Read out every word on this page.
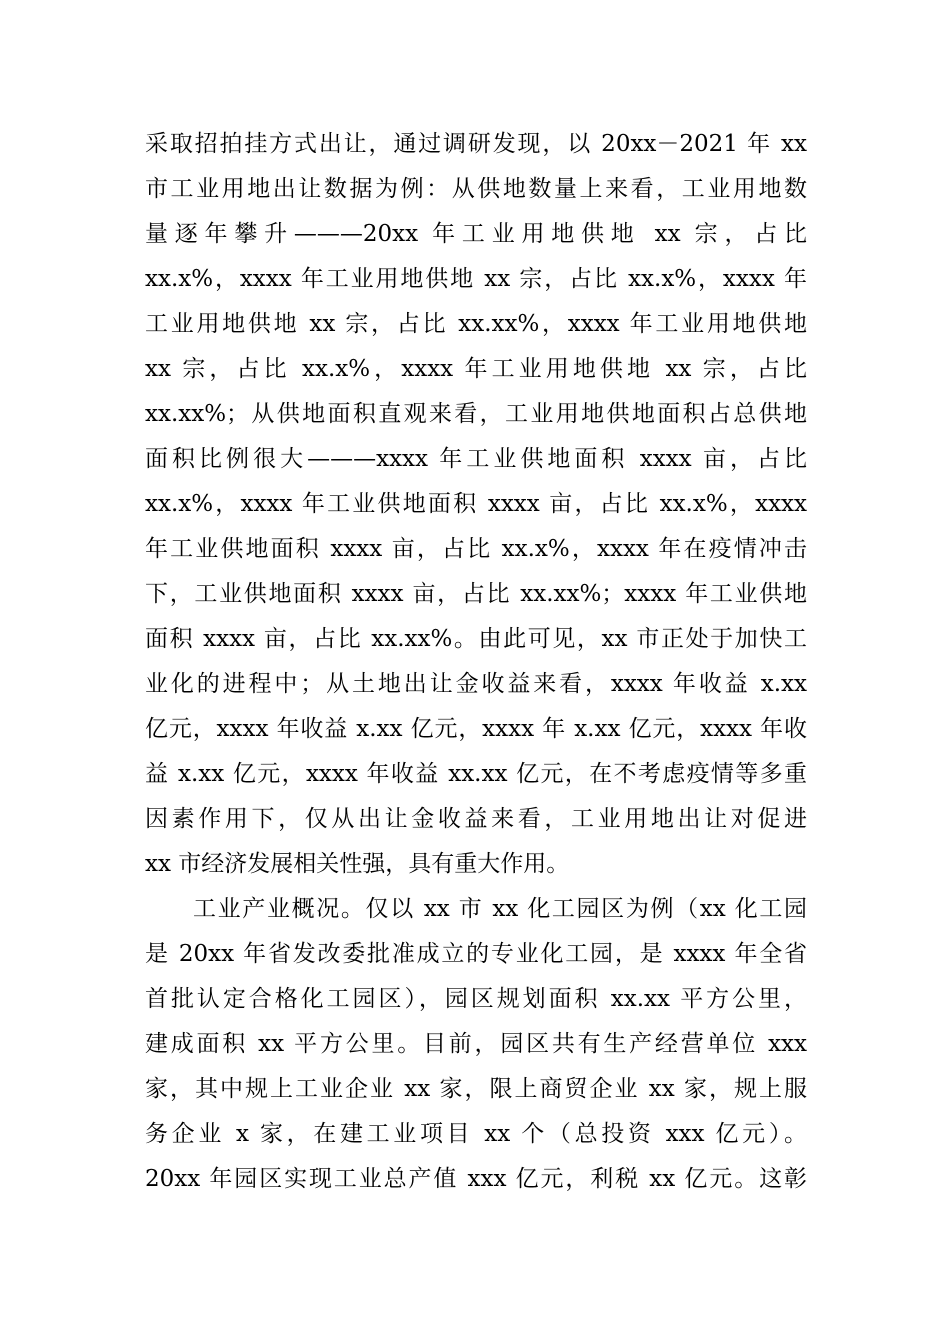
采取招拍挂方式出让，通过调研发现，以 20xx－2021 年 xx
市工业用地出让数据为例：从供地数量上来看，工业用地数
量逐年攀升———20xx 年工业用地供地 xx 宗，占比
xx.x%，xxxx 年工业用地供地 xx 宗，占比 xx.x%，xxxx 年
工业用地供地 xx 宗，占比 xx.xx%，xxxx 年工业用地供地
xx 宗，占比 xx.x%，xxxx 年工业用地供地 xx 宗，占比
xx.xx%；从供地面积直观来看，工业用地供地面积占总供地
面积比例很大———xxxx 年工业供地面积 xxxx 亩，占比
xx.x%，xxxx 年工业供地面积 xxxx 亩，占比 xx.x%，xxxx
年工业供地面积 xxxx 亩，占比 xx.x%，xxxx 年在疫情冲击
下，工业供地面积 xxxx 亩，占比 xx.xx%；xxxx 年工业供地
面积 xxxx 亩，占比 xx.xx%。由此可见，xx 市正处于加快工
业化的进程中；从土地出让金收益来看，xxxx 年收益 x.xx
亿元，xxxx 年收益 x.xx 亿元，xxxx 年 x.xx 亿元，xxxx 年收
益 x.xx 亿元，xxxx 年收益 xx.xx 亿元，在不考虑疫情等多重
因素作用下，仅从出让金收益来看，工业用地出让对促进
xx 市经济发展相关性强，具有重大作用。
工业产业概况。仅以 xx 市 xx 化工园区为例（xx 化工园
是 20xx 年省发改委批准成立的专业化工园，是 xxxx 年全省
首批认定合格化工园区），园区规划面积 xx.xx 平方公里，
建成面积 xx 平方公里。目前，园区共有生产经营单位 xxx
家，其中规上工业企业 xx 家，限上商贸企业 xx 家，规上服
务企业 x 家，在建工业项目 xx 个（总投资 xxx 亿元）。
20xx 年园区实现工业总产值 xxx 亿元，利税 xx 亿元。这彰
